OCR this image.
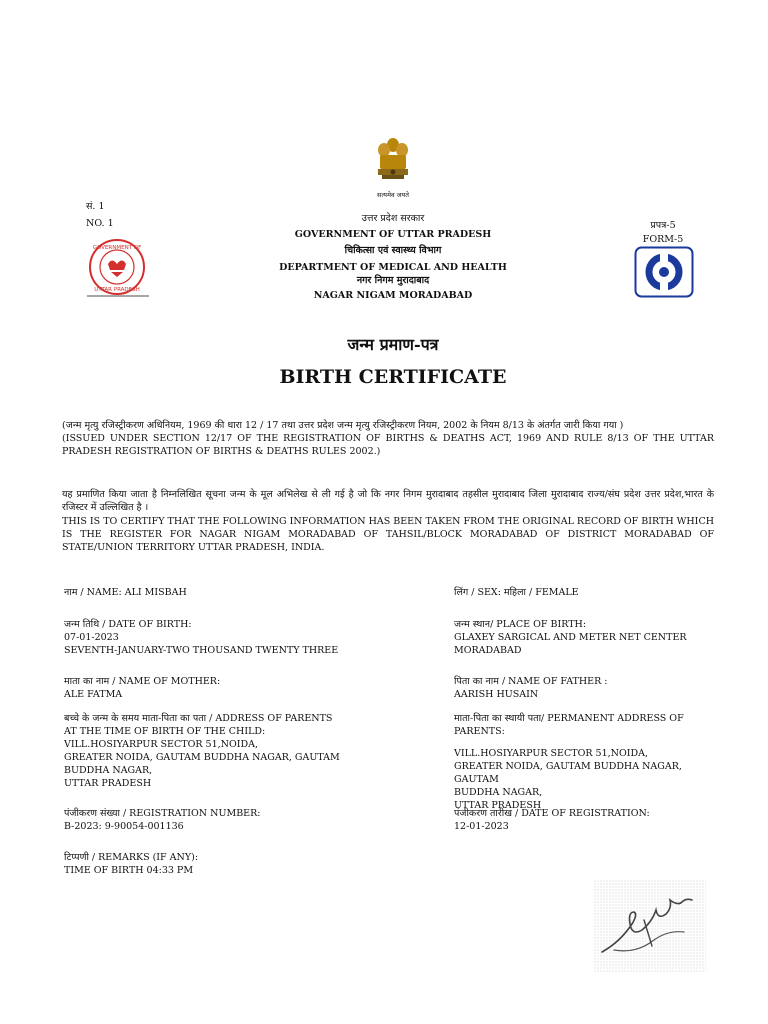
सं. 1
NO. 1
GOVERNMENT OF
UTTAR PRADESH
सत्यमेव जयते
उत्तर प्रदेश सरकार
GOVERNMENT OF UTTAR PRADESH
चिकित्सा एवं स्वास्थ्य विभाग
DEPARTMENT OF MEDICAL AND HEALTH
नगर निगम मुरादाबाद
NAGAR NIGAM MORADABAD
प्रपत्र-5
FORM-5
जन्म प्रमाण-पत्र
BIRTH CERTIFICATE
(जन्म मृत्यु रजिस्ट्रीकरण अधिनियम, 1969 की धारा 12 / 17 तथा उत्तर प्रदेश जन्म मृत्यु रजिस्ट्रीकरण नियम, 2002 के नियम 8/13 के अंतर्गत जारी किया गया )
(ISSUED UNDER SECTION 12/17 OF THE REGISTRATION OF BIRTHS & DEATHS ACT, 1969 AND RULE 8/13 OF THE UTTAR PRADESH REGISTRATION OF BIRTHS & DEATHS RULES 2002.)
यह प्रमाणित किया जाता है निम्नलिखित सूचना जन्म के मूल अभिलेख से ली गई है जो कि नगर निगम मुरादाबाद तहसील मुरादाबाद जिला मुरादाबाद राज्य/संघ प्रदेश उत्तर प्रदेश,भारत के रजिस्टर में उल्लिखित है ।
THIS IS TO CERTIFY THAT THE FOLLOWING INFORMATION HAS BEEN TAKEN FROM THE ORIGINAL RECORD OF BIRTH WHICH IS THE REGISTER FOR NAGAR NIGAM MORADABAD OF TAHSIL/BLOCK MORADABAD OF DISTRICT MORADABAD OF STATE/UNION TERRITORY UTTAR PRADESH, INDIA.
नाम / NAME: ALI MISBAH
जन्म तिथि / DATE OF BIRTH:
07-01-2023
SEVENTH-JANUARY-TWO THOUSAND TWENTY THREE
माता का नाम / NAME OF MOTHER:
ALE FATMA
बच्चे के जन्म के समय माता-पिता का पता / ADDRESS OF PARENTS
AT THE TIME OF BIRTH OF THE CHILD:
VILL.HOSIYARPUR SECTOR 51,NOIDA,
GREATER NOIDA, GAUTAM BUDDHA NAGAR, GAUTAM
BUDDHA NAGAR,
UTTAR PRADESH
पंजीकरण संख्या / REGISTRATION NUMBER:
B-2023: 9-90054-001136
टिप्पणी / REMARKS (IF ANY):
TIME OF BIRTH 04:33 PM
लिंग / SEX: महिला / FEMALE
जन्म स्थान/ PLACE OF BIRTH:
GLAXEY SARGICAL AND METER NET CENTER
MORADABAD
पिता का नाम / NAME OF FATHER :
AARISH HUSAIN
माता-पिता का स्थायी पता/ PERMANENT ADDRESS OF
PARENTS:
VILL.HOSIYARPUR SECTOR 51,NOIDA,
GREATER NOIDA, GAUTAM BUDDHA NAGAR, GAUTAM
BUDDHA NAGAR,
UTTAR PRADESH
पंजीकरण तारीख / DATE OF REGISTRATION:
12-01-2023
